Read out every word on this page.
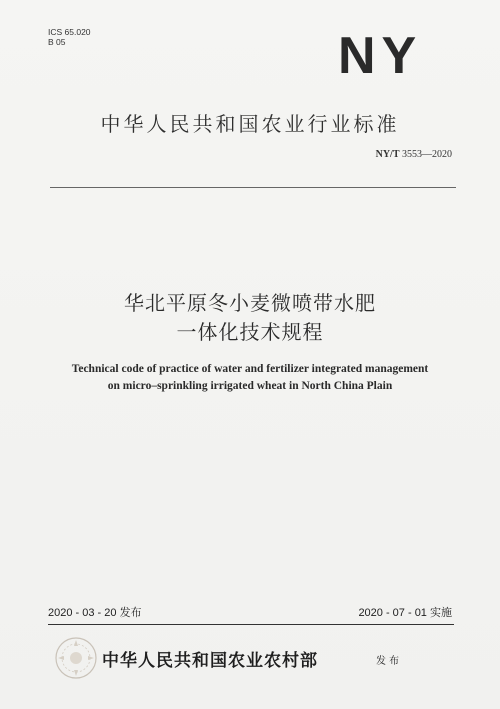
ICS 65.020
B 05	NY
中华人民共和国农业行业标准
NY/T 3553—2020
华北平原冬小麦微喷带水肥
一体化技术规程
Technical code of practice of water and fertilizer integrated management
on micro–sprinkling irrigated wheat in North China Plain
2020 - 03 - 20 发布	2020 - 07 - 01 实施
中华人民共和国农业农村部	发布
